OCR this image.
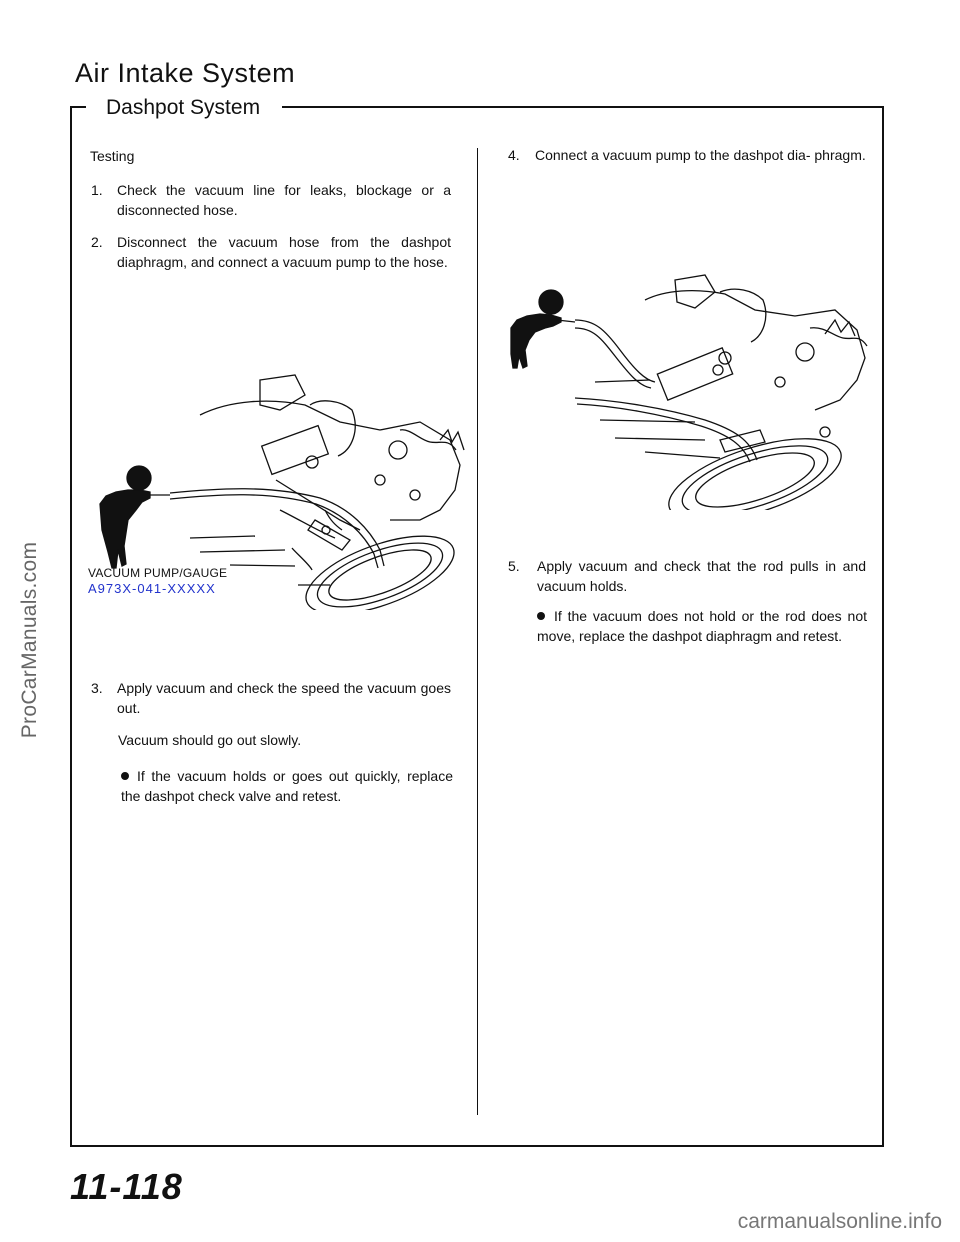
Air Intake System
Dashpot System
Testing
1. Check the vacuum line for leaks, blockage or a disconnected hose.
2. Disconnect the vacuum hose from the dashpot diaphragm, and connect a vacuum pump to the hose.
VACUUM PUMP/GAUGE
A973X-041-XXXXX
3. Apply vacuum and check the speed the vacuum goes out.
Vacuum should go out slowly.
If the vacuum holds or goes out quickly, replace the dashpot check valve and retest.
4. Connect a vacuum pump to the dashpot dia- phragm.
5. Apply vacuum and check that the rod pulls in and vacuum holds.
If the vacuum does not hold or the rod does not move, replace the dashpot diaphragm and retest.
11-118
ProCarManuals.com
carmanualsonline.info
